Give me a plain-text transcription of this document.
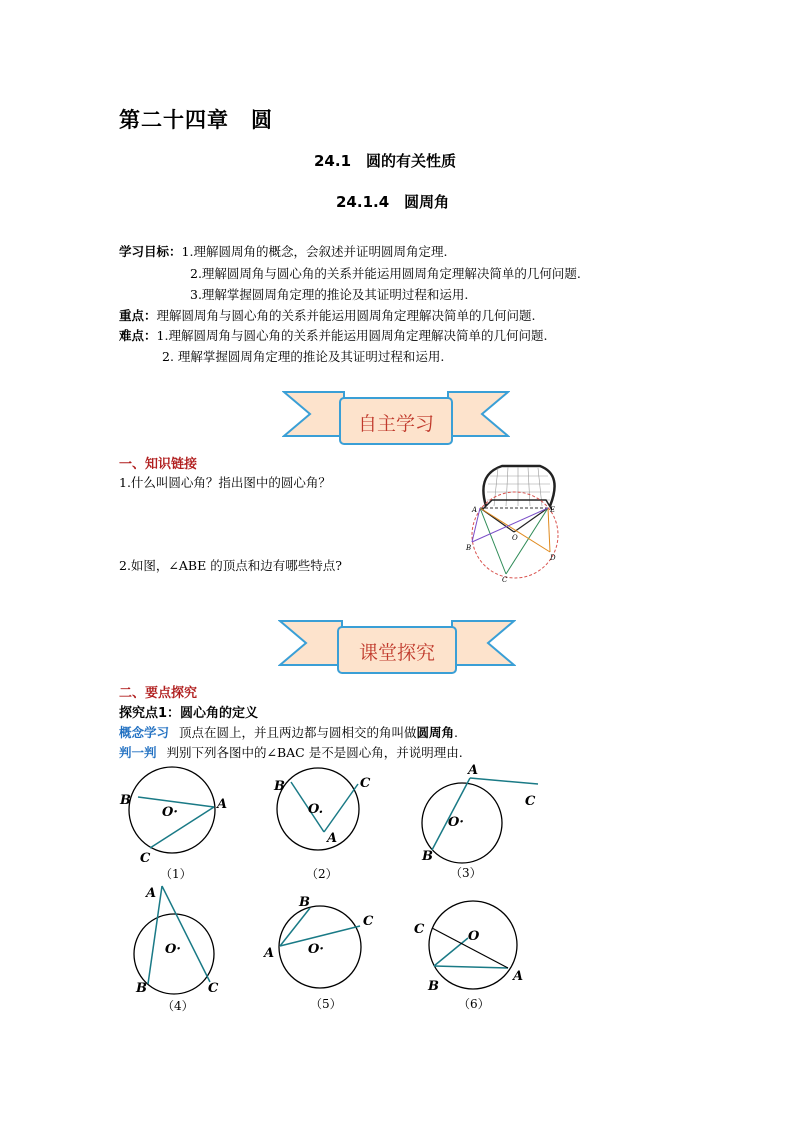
第二十四章　圆
24.1　圆的有关性质
24.1.4　圆周角
学习目标：1.理解圆周角的概念，会叙述并证明圆周角定理.
2.理解圆周角与圆心角的关系并能运用圆周角定理解决简单的几何问题.
3.理解掌握圆周角定理的推论及其证明过程和运用.
重点：理解圆周角与圆心角的关系并能运用圆周角定理解决简单的几何问题.
难点：1.理解圆周角与圆心角的关系并能运用圆周角定理解决简单的几何问题.
2. 理解掌握圆周角定理的推论及其证明过程和运用.
自主学习
一、知识链接
1.什么叫圆心角？指出图中的圆心角？
2.如图，∠ABE 的顶点和边有哪些特点?
A	E
B
O
D
C
课堂探究
二、要点探究
探究点1：圆心角的定义
概念学习 顶点在圆上，并且两边都与圆相交的角叫做圆周角.
判一判 判别下列各图中的∠BAC 是不是圆心角，并说明理由.
B	A
C
O·
B	C
O.
A
A
C
O·
B
A
O·
B	C
B
C
O·
A
C	O
A
B
（1）	（2）	（3）
（4）	（5）	（6）
